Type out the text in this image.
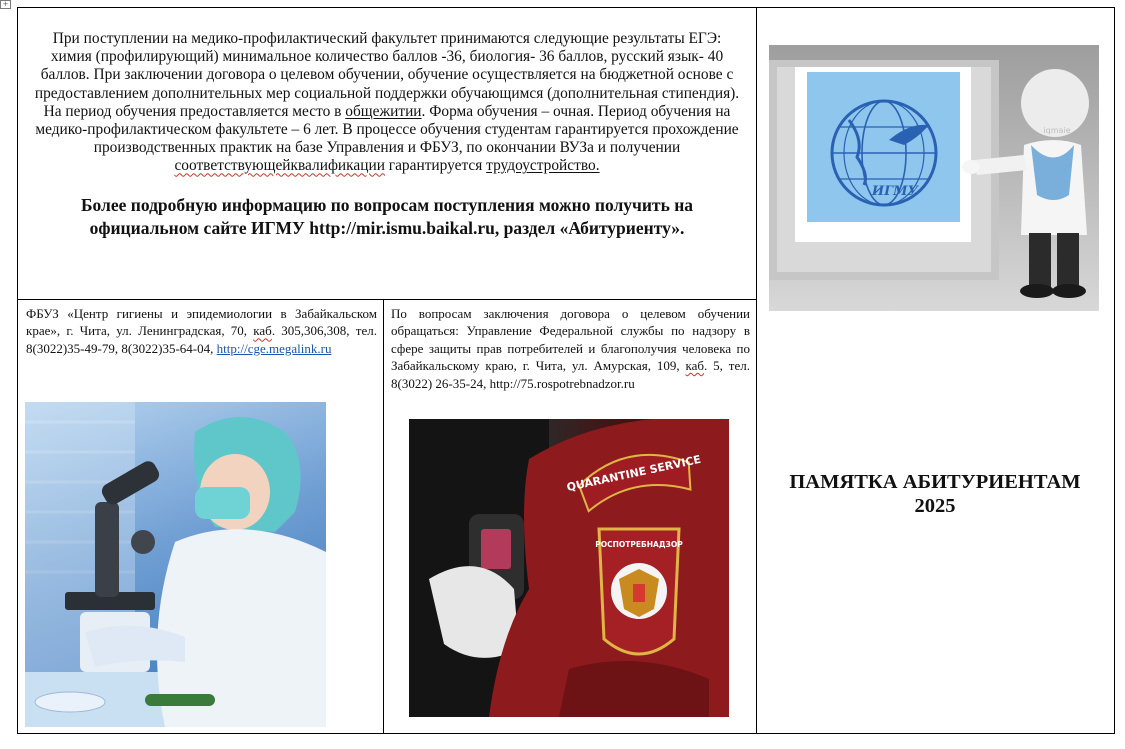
+

При поступлении на медико-профилактический факультет принимаются следующие результаты ЕГЭ: химия (профилирующий) минимальное количество баллов -36, биология- 36 баллов, русский язык- 40 баллов. При заключении договора о целевом обучении, обучение осуществляется на бюджетной основе с предоставлением дополнительных мер социальной поддержки обучающимся (дополнительная стипендия). На период обучения предоставляется место в общежитии. Форма обучения – очная. Период обучения на медико-профилактическом факультете – 6 лет. В процессе обучения студентам гарантируется прохождение производственных практик на базе Управления и ФБУЗ, по окончании ВУЗа и получении соответствующейквалификации гарантируется трудоустройство.

Более подробную информацию по вопросам поступления можно получить на официальном сайте ИГМУ http://mir.ismu.baikal.ru, раздел «Абитуриенту».

ФБУЗ «Центр гигиены и эпидемиологии в Забайкальском крае», г. Чита, ул. Ленинградская, 70, каб. 305,306,308, тел. 8(3022)35-49-79, 8(3022)35-64-04, http://cge.megalink.ru

По вопросам заключения договора о целевом обучении обращаться: Управление Федеральной службы по надзору в сфере защиты прав потребителей и благополучия человека по Забайкальскому краю, г. Чита, ул. Амурская, 109, каб. 5, тел. 8(3022) 26-35-24, http://75.rospotrebnadzor.ru

QUARANTINE SERVICE
РОСПОТРЕБНАДЗОР
ИГМУ
iqmaie
ПАМЯТКА АБИТУРИЕНТАМ
2025
